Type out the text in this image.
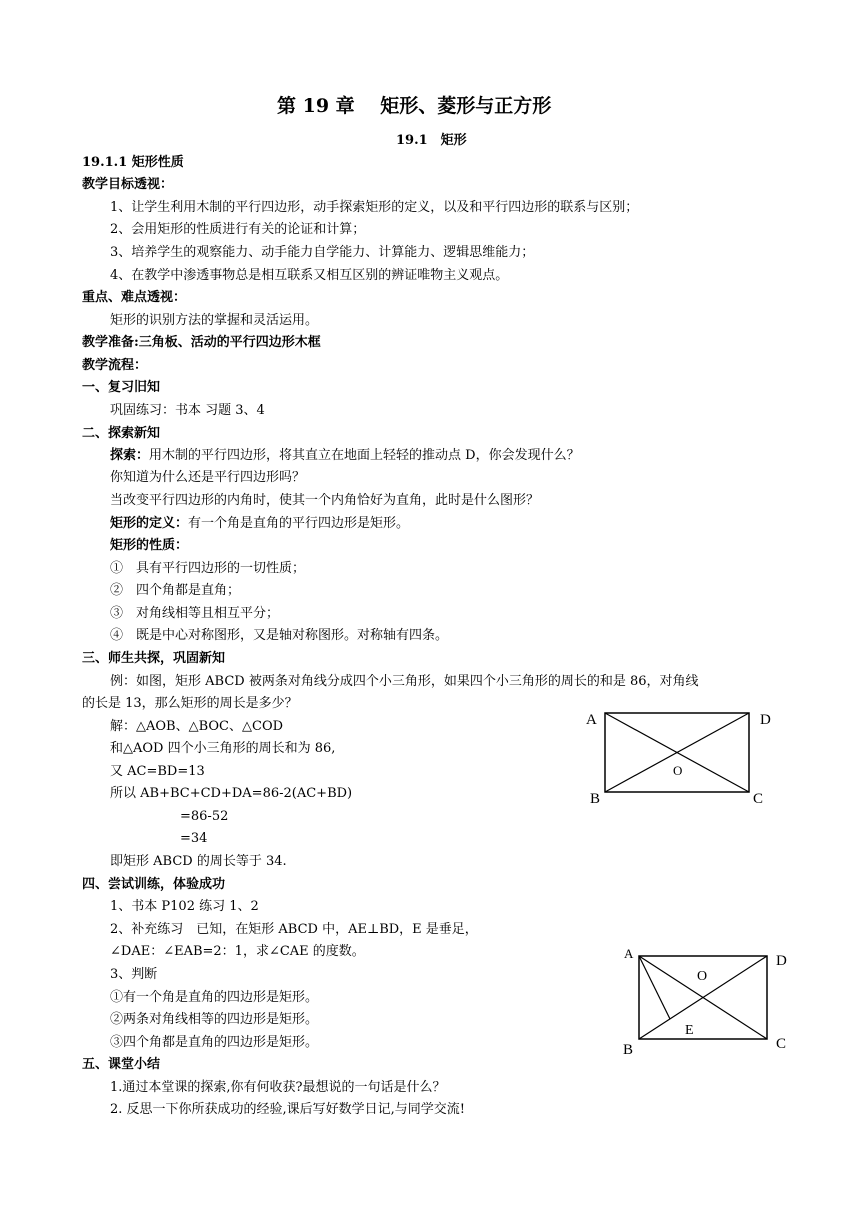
第 19 章　 矩形、菱形与正方形
19.1　矩形
19.1.1 矩形性质
教学目标透视：
1、让学生利用木制的平行四边形，动手探索矩形的定义，以及和平行四边形的联系与区别；
2、会用矩形的性质进行有关的论证和计算；
3、培养学生的观察能力、动手能力自学能力、计算能力、逻辑思维能力；
4、在教学中渗透事物总是相互联系又相互区别的辨证唯物主义观点。
重点、难点透视：
矩形的识别方法的掌握和灵活运用。
教学准备:三角板、活动的平行四边形木框
教学流程：
一、复习旧知
巩固练习：书本 习题 3、4
二、探索新知
探索：用木制的平行四边形，将其直立在地面上轻轻的推动点 D，你会发现什么？
你知道为什么还是平行四边形吗？
当改变平行四边形的内角时，使其一个内角恰好为直角，此时是什么图形？
矩形的定义：有一个角是直角的平行四边形是矩形。
矩形的性质：
①　具有平行四边形的一切性质；
②　四个角都是直角；
③　对角线相等且相互平分；
④　既是中心对称图形，又是轴对称图形。对称轴有四条。
三、师生共探，巩固新知
例：如图，矩形 ABCD 被两条对角线分成四个小三角形，如果四个小三角形的周长的和是 86，对角线
的长是 13，那么矩形的周长是多少？
解：△AOB、△BOC、△COD
和△AOD 四个小三角形的周长和为 86,
又 AC=BD=13
所以 AB+BC+CD+DA=86-2(AC+BD)
=86-52
=34
即矩形 ABCD 的周长等于 34.
四、尝试训练，体验成功
1、书本 P102 练习 1、2
2、补充练习　已知，在矩形 ABCD 中，AE⊥BD，E 是垂足，
∠DAE：∠EAB=2：1，求∠CAE 的度数。
3、判断
①有一个角是直角的四边形是矩形。
②两条对角线相等的四边形是矩形。
③四个角都是直角的四边形是矩形。
五、课堂小结
1.通过本堂课的探索,你有何收获?最想说的一句话是什么？
2. 反思一下你所获成功的经验,课后写好数学日记,与同学交流!
A	D
B	C
O
A	D
B	C
O
E
